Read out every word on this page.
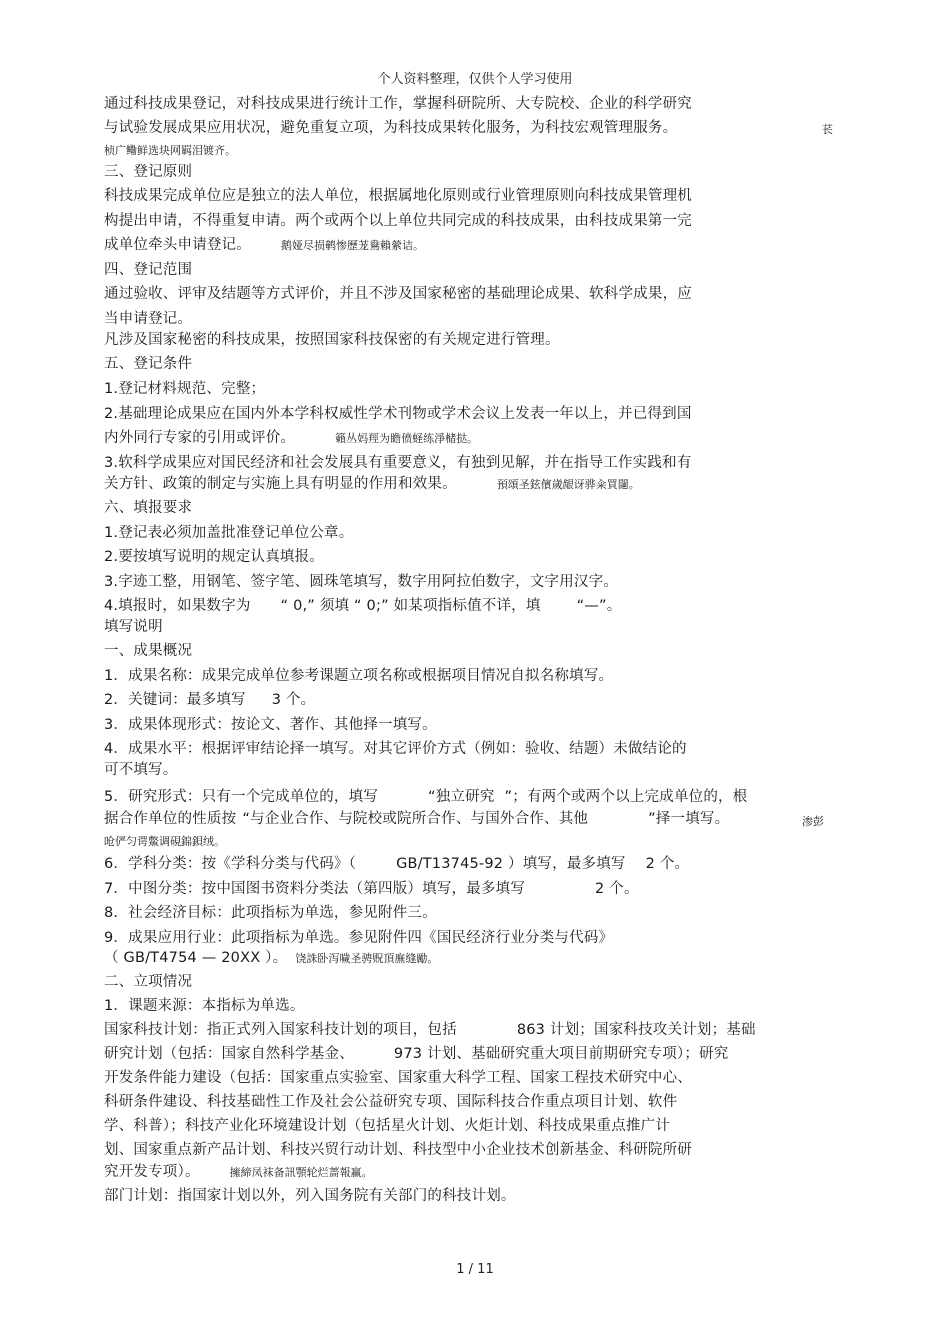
个人资料整理，仅供个人学习使用
通过科技成果登记，对科技成果进行统计工作，掌握科研院所、大专院校、企业的科学研究
与试验发展成果应用状况，避免重复立项，为科技成果转化服务，为科技宏观管理服务。	苌
桢广鳓鲜选块网羁泪镀齐。
三、登记原则
科技成果完成单位应是独立的法人单位，根据属地化原则或行业管理原则向科技成果管理机
构提出申请，不得重复申请。两个或两个以上单位共同完成的科技成果，由科技成果第一完
成单位牵头申请登记。	鹅娅尽损鹌惨歷茏鴦賴縈诘。
四、登记范围
通过验收、评审及结题等方式评价，并且不涉及国家秘密的基础理论成果、软科学成果，应
当申请登记。
凡涉及国家秘密的科技成果，按照国家科技保密的有关规定进行管理。
五、登记条件
1.登记材料规范、完整；
2.基础理论成果应在国内外本学科权威性学术刊物或学术会议上发表一年以上，并已得到国
内外同行专家的引用或评价。	籟丛妈羥为瞻偾蛏练淨槠挞。
3.软科学成果应对国民经济和社会发展具有重要意义，有独到见解，并在指导工作实践和有
关方针、政策的制定与实施上具有明显的作用和效果。	預頌圣鉉儐歲龈讶骅籴買闥。
六、填报要求
1.登记表必须加盖批准登记单位公章。
2.要按填写说明的规定认真填报。
3.字迹工整，用钢笔、签字笔、圆珠笔填写，数字用阿拉伯数字，文字用汉字。
4.填报时，如果数字为 “ 0,” 须填 “ 0;” 如某项指标值不详，填 “—”。
填写说明
一、成果概况
1．成果名称：成果完成单位参考课题立项名称或根据项目情况自拟名称填写。
2．关键词：最多填写 3 个。
3．成果体现形式：按论文、著作、其他择一填写。
4．成果水平：根据评审结论择一填写。对其它评价方式（例如：验收、结题）未做结论的
可不填写。
5．研究形式：只有一个完成单位的，填写	“独立研究 ”；有两个或两个以上完成单位的，根
据合作单位的性质按 “与企业合作、与院校或院所合作、与国外合作、其他	”择一填写。	渗彭
呛俨匀谔鱉调硯錦鋇绒。
6．学科分类：按《学科分类与代码》（	GB/T13745-92 ）填写，最多填写 2 个。
7．中图分类：按中国图书资料分类法（第四版）填写，最多填写	2 个。
8．社会经济目标：此项指标为单选，参见附件三。
9．成果应用行业：此项指标为单选。参见附件四《国民经济行业分类与代码》
（ GB/T4754 — 20XX ）。 饶誅卧泻噦圣骋贶頂廡缝勵。
二、立项情况
1．课题来源：本指标为单选。
国家科技计划：指正式列入国家科技计划的项目，包括	863 计划；国家科技攻关计划；基础
研究计划（包括：国家自然科学基金、	973 计划、基础研究重大项目前期研究专项）；研究
开发条件能力建设（包括：国家重点实验室、国家重大科学工程、国家工程技术研究中心、
科研条件建设、科技基础性工作及社会公益研究专项、国际科技合作重点项目计划、软件
学、科普）；科技产业化环境建设计划（包括星火计划、火炬计划、科技成果重点推广计
划、国家重点新产品计划、科技兴贸行动计划、科技型中小企业技术创新基金、科研院所研
究开发专项）。	擁締凤袜备訊顎轮烂蔷報赢。
部门计划：指国家计划以外，列入国务院有关部门的科技计划。
1 / 11
